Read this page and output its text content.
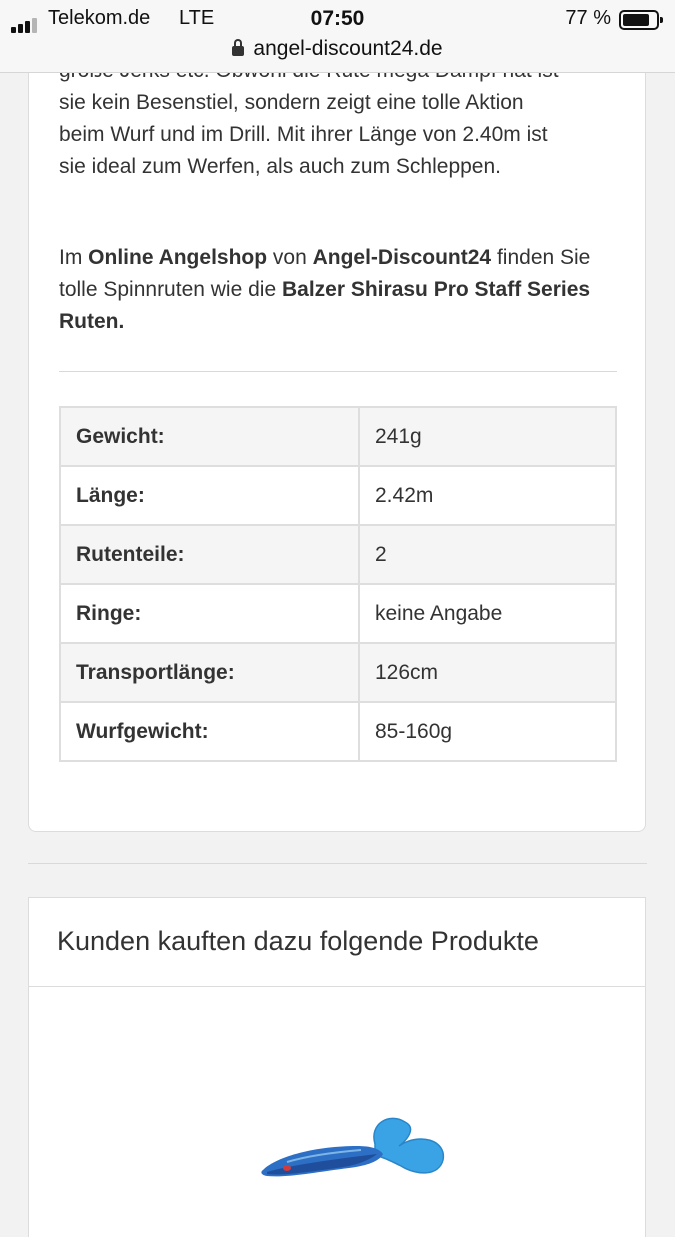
Telekom.de LTE	07:50	77 %
angel-discount24.de

sie kein Besenstiel, sondern zeigt eine tolle Aktion

beim Wurf und im Drill. Mit ihrer Länge von 2.40m ist

sie ideal zum Werfen, als auch zum Schleppen.

Im Online Angelshop von Angel-Discount24 finden Sie tolle Spinnruten wie die Balzer Shirasu Pro Staff Series Ruten.

Gewicht:	241g
Länge:	2.42m
Rutenteile:	2
Ringe:	keine Angabe
Transportlänge:	126cm
Wurfgewicht:	85-160g
Kunden kauften dazu folgende Produkte
